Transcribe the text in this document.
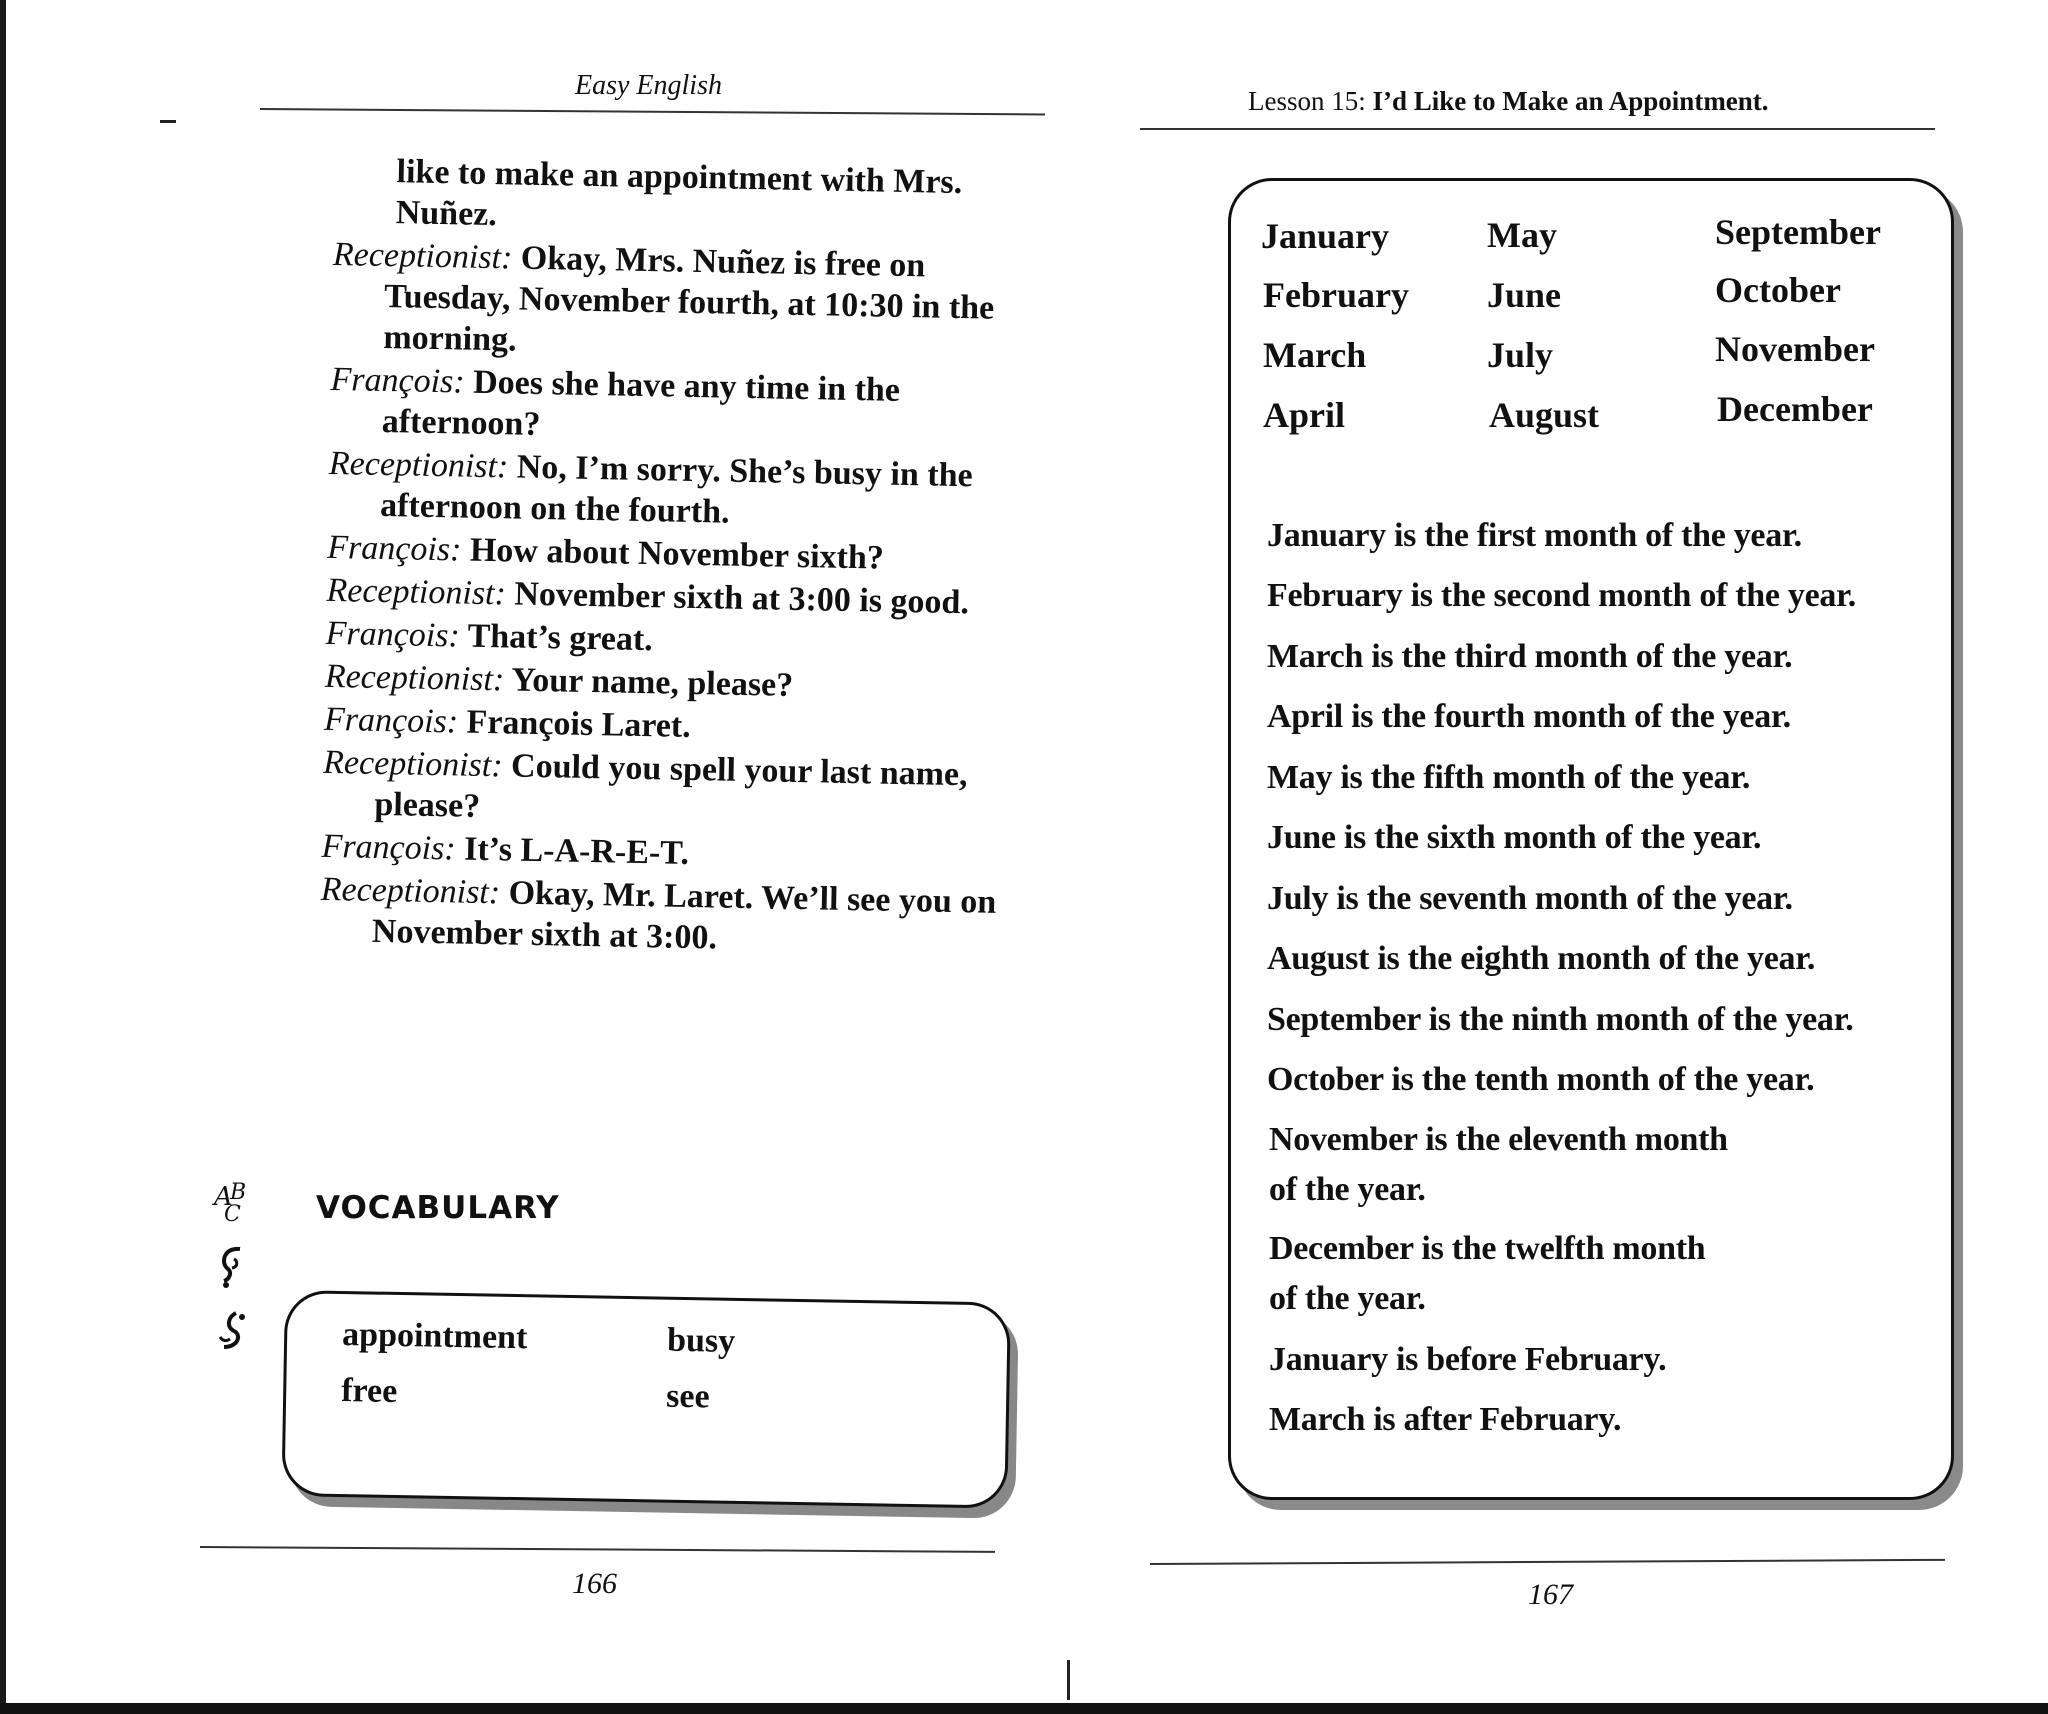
Easy English
like to make an appointment with Mrs. Nuñez.
Receptionist: Okay, Mrs. Nuñez is free on Tuesday, November fourth, at 10:30 in the morning.
François: Does she have any time in the afternoon?
Receptionist: No, I’m sorry. She’s busy in the afternoon on the fourth.
François: How about November sixth?
Receptionist: November sixth at 3:00 is good.
François: That’s great.
Receptionist: Your name, please?
François: François Laret.
Receptionist: Could you spell your last name, please?
François: It’s L-A-R-E-T.
Receptionist: Okay, Mr. Laret. We’ll see you on November sixth at 3:00.
A
B
C VOCABULARY
appointment	busy
free	see
166
Lesson 15: I’d Like to Make an Appointment.
January
February
March
April
May
June
July
August
September
October
November
December
January is the first month of the year.
February is the second month of the year.
March is the third month of the year.
April is the fourth month of the year.
May is the fifth month of the year.
June is the sixth month of the year.
July is the seventh month of the year.
August is the eighth month of the year.
September is the ninth month of the year.
October is the tenth month of the year.
November is the eleventh month
of the year.
December is the twelfth month
of the year.
January is before February.
March is after February.
167
